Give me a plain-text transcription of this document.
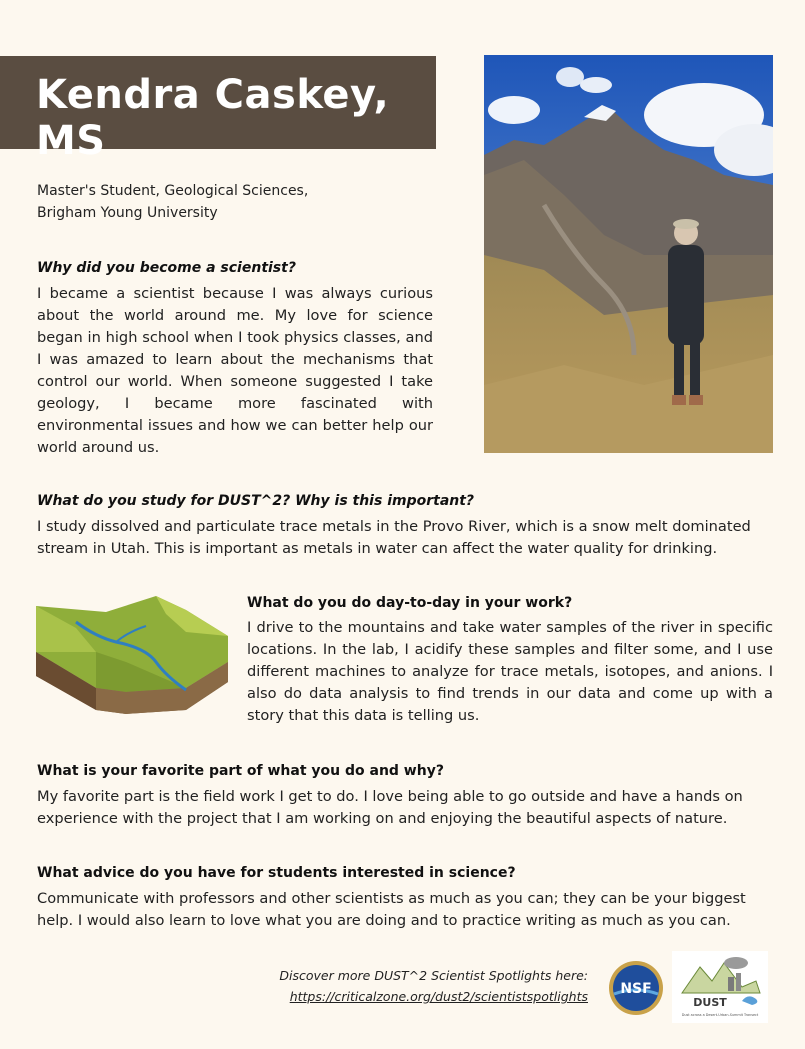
Kendra Caskey, MS
Master's Student, Geological Sciences,
Brigham Young University
Why did you become a scientist?
I became a scientist because I was always curious about the world around me. My love for science began in high school when I took physics classes, and I was amazed to learn about the mechanisms that control our world. When someone suggested I take geology, I became more fascinated with environmental issues and how we can better help our world around us.
What do you study for DUST^2? Why is this important?
I study dissolved and particulate trace metals in the Provo River, which is a snow melt dominated stream in Utah. This is important as metals in water can affect the water quality for drinking.
What do you do day-to-day in your work?
I drive to the mountains and take water samples of the river in specific locations. In the lab, I acidify these samples and filter some, and I use different machines to analyze for trace metals, isotopes, and anions. I also do data analysis to find trends in our data and come up with a story that this data is telling us.
What is your favorite part of what you do and why?
My favorite part is the field work I get to do. I love being able to go outside and have a hands on experience with the project that I am working on and enjoying the beautiful aspects of nature.
What advice do you have for students interested in science?
Communicate with professors and other scientists as much as you can; they can be your biggest help. I would also learn to love what you are doing and to practice writing as much as you can.
Discover more DUST^2 Scientist Spotlights here:
https://criticalzone.org/dust2/scientistspotlights NSF
DUST
Dust across a Desert-Urban-Summit Transect
